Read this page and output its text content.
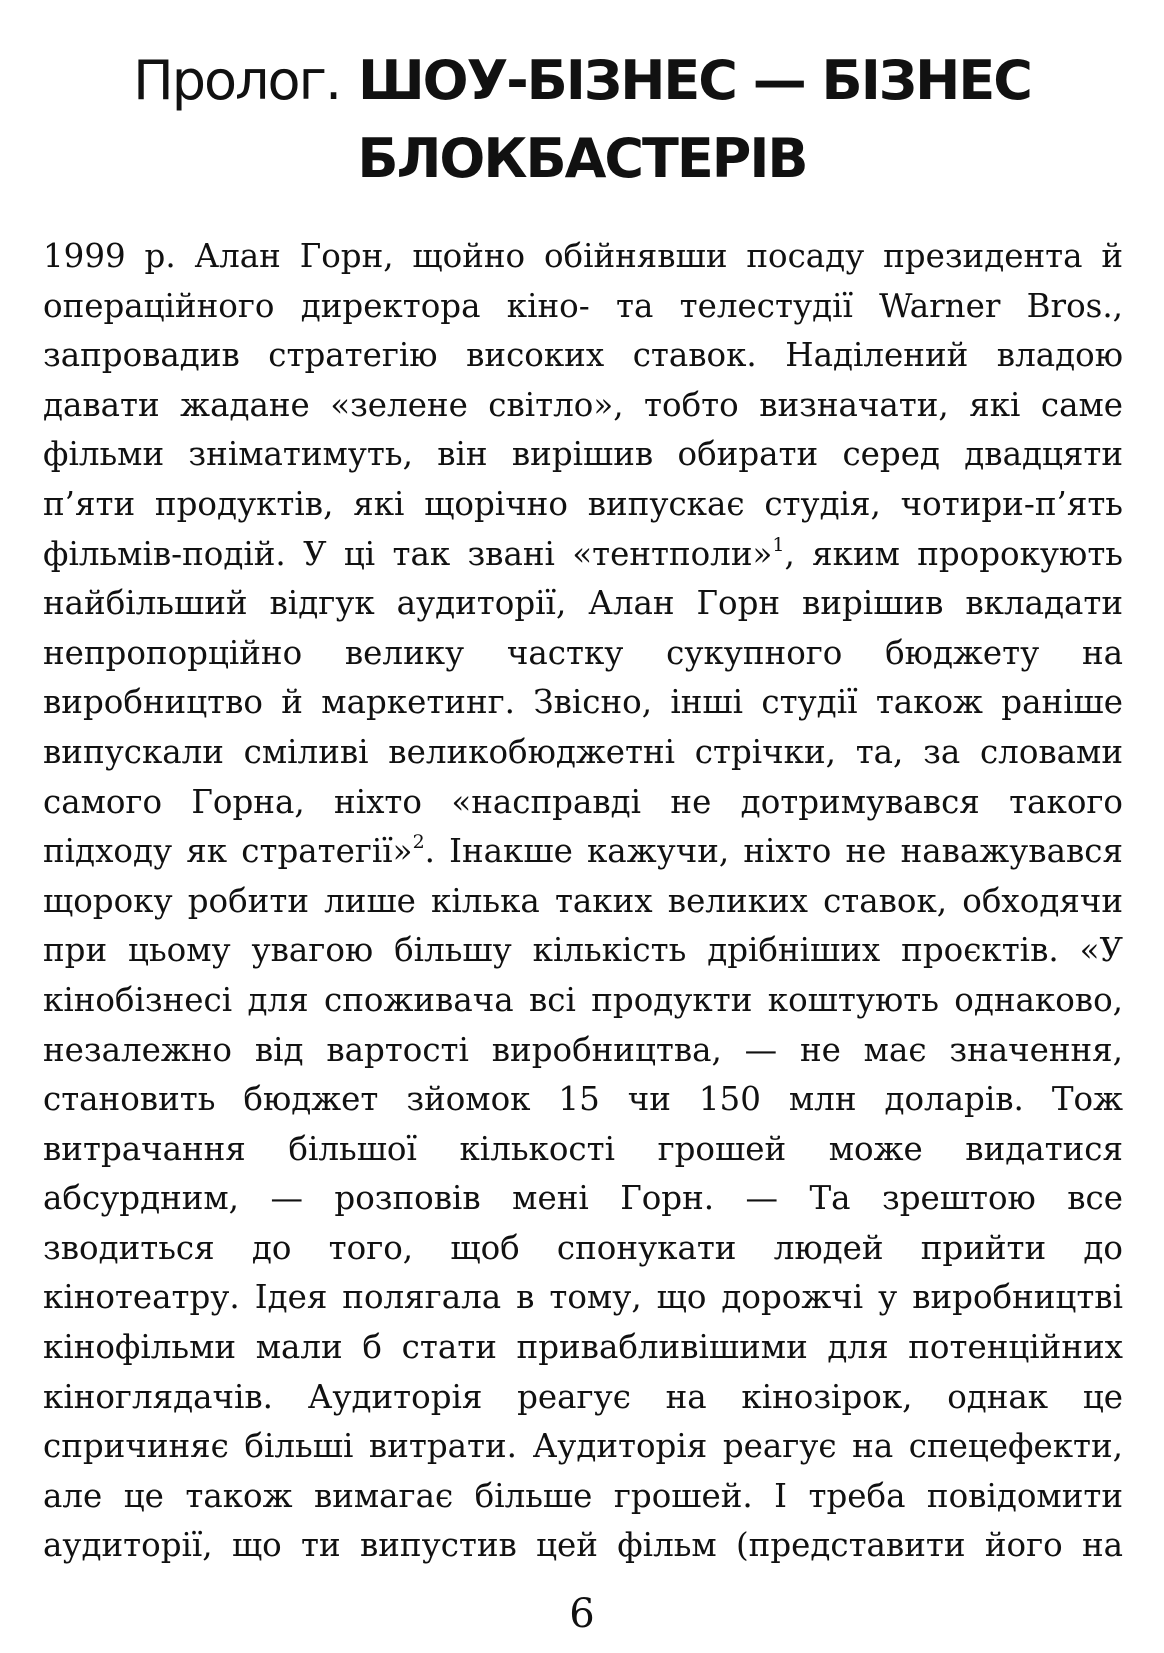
Пролог. ШОУ-БІЗНЕС — БІЗНЕС БЛОКБАСТЕРІВ
1999 р. Алан Горн, щойно обійнявши посаду президента й
операційного директора кіно- та телестудії Warner Bros.,
запровадив стратегію високих ставок. Наділений владою
давати жадане «зелене світло», тобто визначати, які саме
фільми зніматимуть, він вирішив обирати серед двадцяти
п’яти продуктів, які щорічно випускає студія, чотири-п’ять
фільмів-подій. У ці так звані «тентполи»$^1$, яким пророкують
найбільший відгук аудиторії, Алан Горн вирішив вкладати
непропорційно велику частку сукупного бюджету на
виробництво й маркетинг. Звісно, інші студії також раніше
випускали сміливі великобюджетні стрічки, та, за словами
самого Горна, ніхто «насправді не дотримувався такого
підходу як стратегії»$^2$. Інакше кажучи, ніхто не наважувався
щороку робити лише кілька таких великих ставок, обходячи
при цьому увагою більшу кількість дрібніших проєктів. «У
кінобізнесі для споживача всі продукти коштують однаково,
незалежно від вартості виробництва, — не має значення,
становить бюджет зйомок 15 чи 150 млн доларів. Тож
витрачання більшої кількості грошей може видатися
абсурдним, — розповів мені Горн. — Та зрештою все
зводиться до того, щоб спонукати людей прийти до
кінотеатру. Ідея полягала в тому, що дорожчі у виробництві
кінофільми мали б стати привабливішими для потенційних
кіноглядачів. Аудиторія реагує на кінозірок, однак це
спричиняє більші витрати. Аудиторія реагує на спецефекти,
але це також вимагає більше грошей. І треба повідомити
аудиторії, що ти випустив цей фільм (представити його на
6
